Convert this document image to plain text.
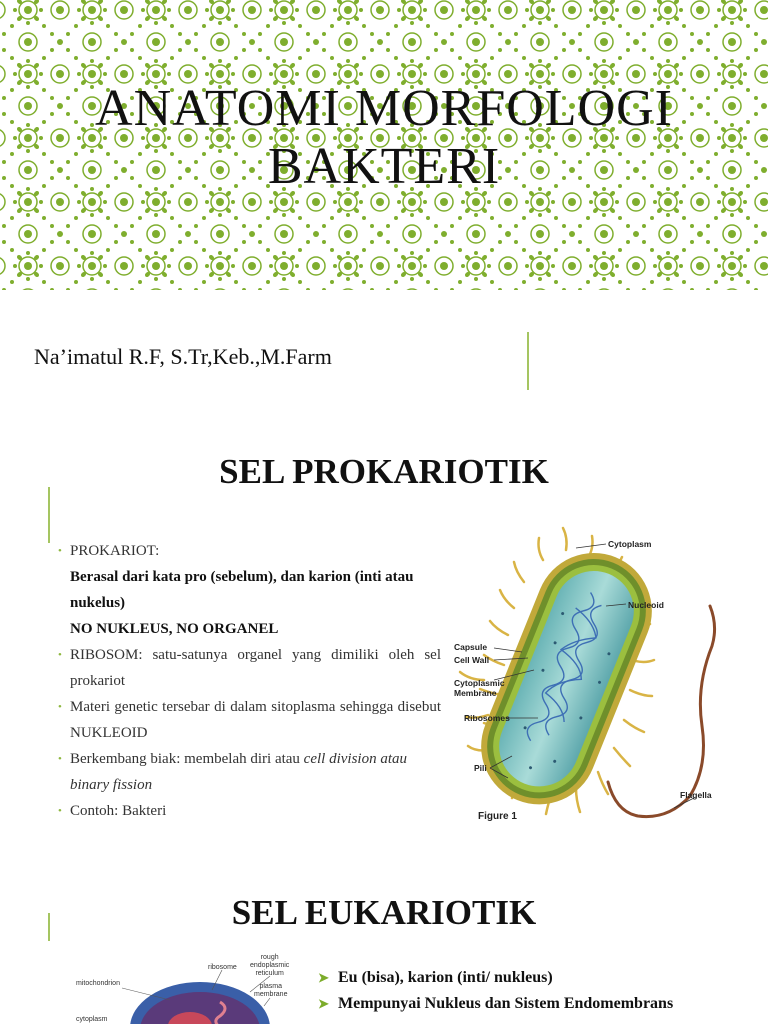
ANATOMI MORFOLOGI
BAKTERI
Na’imatul R.F, S.Tr,Keb.,M.Farm
SEL PROKARIOTIK
• PROKARIOT:
Berasal dari kata pro (sebelum), dan karion (inti atau nukelus)
NO NUKLEUS, NO ORGANEL
• RIBOSOM: satu-satunya organel yang dimiliki oleh sel prokariot
• Materi genetic tersebar di dalam sitoplasma sehingga disebut NUKLEOID
• Berkembang biak: membelah diri atau cell division atau binary fission
• Contoh: Bakteri
Cytoplasm
Nucleoid
Capsule
Cell Wall
Cytoplasmic
Membrane
Ribosomes
Pili
Flagella
Figure 1
SEL EUKARIOTIK
mitochondrion
ribosome
rough
endoplasmic
reticulum
plasma
membrane
cytoplasm
➤ Eu (bisa), karion (inti/ nukleus)
➤ Mempunyai Nukleus dan Sistem Endomembrans
